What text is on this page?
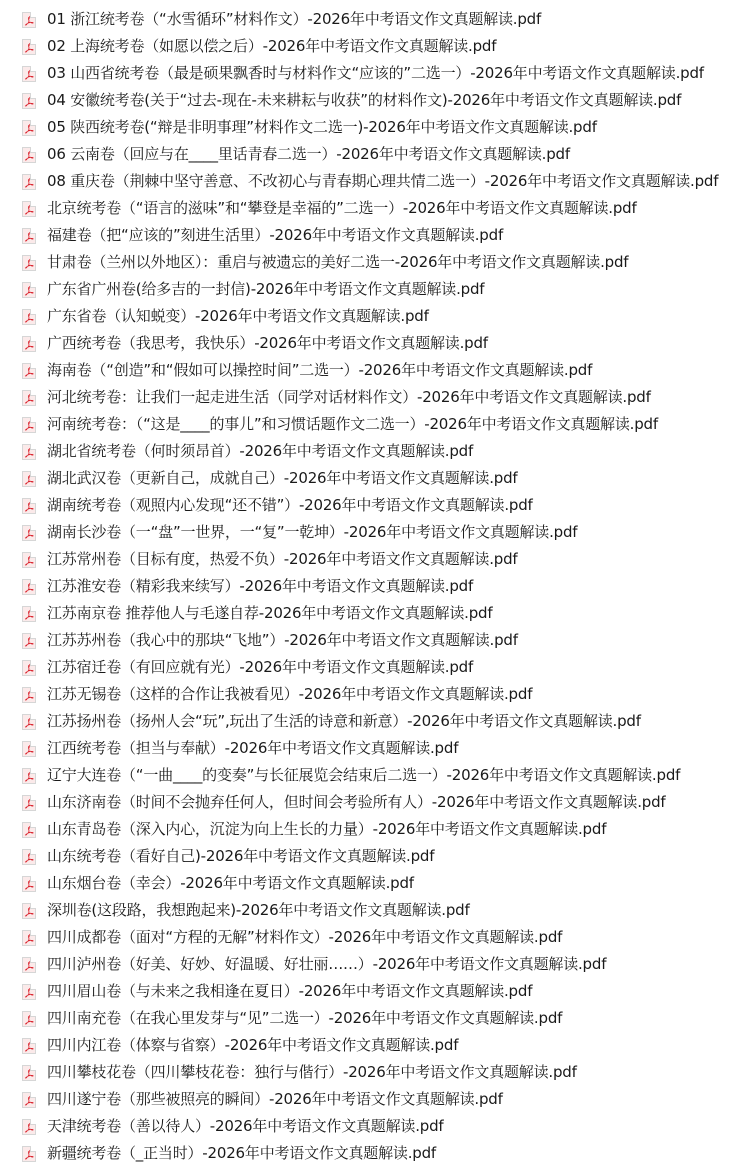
01 浙江统考卷（“水雪循环”材料作文）-2026年中考语文作文真题解读.pdf
02 上海统考卷（如愿以偿之后）-2026年中考语文作文真题解读.pdf
03 山西省统考卷（最是硕果飘香时与材料作文“应该的”二选一）-2026年中考语文作文真题解读.pdf
04 安徽统考卷(关于“过去-现在-未来耕耘与收获”的材料作文)-2026年中考语文作文真题解读.pdf
05 陕西统考卷(“辩是非明事理”材料作文二选一)-2026年中考语文作文真题解读.pdf
06 云南卷（回应与在____里话青春二选一）-2026年中考语文作文真题解读.pdf
08 重庆卷（荆棘中坚守善意、不改初心与青春期心理共情二选一）-2026年中考语文作文真题解读.pdf
北京统考卷（“语言的滋味”和“攀登是幸福的”二选一）-2026年中考语文作文真题解读.pdf
福建卷（把“应该的”刻进生活里）-2026年中考语文作文真题解读.pdf
甘肃卷（兰州以外地区）：重启与被遗忘的美好二选一-2026年中考语文作文真题解读.pdf
广东省广州卷(给多吉的一封信)-2026年中考语文作文真题解读.pdf
广东省卷（认知蜕变）-2026年中考语文作文真题解读.pdf
广西统考卷（我思考，我快乐）-2026年中考语文作文真题解读.pdf
海南卷（“创造”和“假如可以操控时间”二选一）-2026年中考语文作文真题解读.pdf
河北统考卷：让我们一起走进生活（同学对话材料作文）-2026年中考语文作文真题解读.pdf
河南统考卷：（“这是____的事儿”和习惯话题作文二选一）-2026年中考语文作文真题解读.pdf
湖北省统考卷（何时须昂首）-2026年中考语文作文真题解读.pdf
湖北武汉卷（更新自己，成就自己）-2026年中考语文作文真题解读.pdf
湖南统考卷（观照内心发现“还不错”）-2026年中考语文作文真题解读.pdf
湖南长沙卷（一“盘”一世界，一“复”一乾坤）-2026年中考语文作文真题解读.pdf
江苏常州卷（目标有度，热爱不负）-2026年中考语文作文真题解读.pdf
江苏淮安卷（精彩我来续写）-2026年中考语文作文真题解读.pdf
江苏南京卷 推荐他人与毛遂自荐-2026年中考语文作文真题解读.pdf
江苏苏州卷（我心中的那块“飞地”）-2026年中考语文作文真题解读.pdf
江苏宿迁卷（有回应就有光）-2026年中考语文作文真题解读.pdf
江苏无锡卷（这样的合作让我被看见）-2026年中考语文作文真题解读.pdf
江苏扬州卷（扬州人会“玩”,玩出了生活的诗意和新意）-2026年中考语文作文真题解读.pdf
江西统考卷（担当与奉献）-2026年中考语文作文真题解读.pdf
辽宁大连卷（“一曲____的变奏”与长征展览会结束后二选一）-2026年中考语文作文真题解读.pdf
山东济南卷（时间不会抛弃任何人，但时间会考验所有人）-2026年中考语文作文真题解读.pdf
山东青岛卷（深入内心，沉淀为向上生长的力量）-2026年中考语文作文真题解读.pdf
山东统考卷（看好自己)-2026年中考语文作文真题解读.pdf
山东烟台卷（幸会）-2026年中考语文作文真题解读.pdf
深圳卷(这段路，我想跑起来)-2026年中考语文作文真题解读.pdf
四川成都卷（面对“方程的无解”材料作文）-2026年中考语文作文真题解读.pdf
四川泸州卷（好美、好妙、好温暖、好壮丽……）-2026年中考语文作文真题解读.pdf
四川眉山卷（与未来之我相逢在夏日）-2026年中考语文作文真题解读.pdf
四川南充卷（在我心里发芽与“见”二选一）-2026年中考语文作文真题解读.pdf
四川内江卷（体察与省察）-2026年中考语文作文真题解读.pdf
四川攀枝花卷（四川攀枝花卷：独行与偕行）-2026年中考语文作文真题解读.pdf
四川遂宁卷（那些被照亮的瞬间）-2026年中考语文作文真题解读.pdf
天津统考卷（善以待人）-2026年中考语文作文真题解读.pdf
新疆统考卷（_正当时）-2026年中考语文作文真题解读.pdf
